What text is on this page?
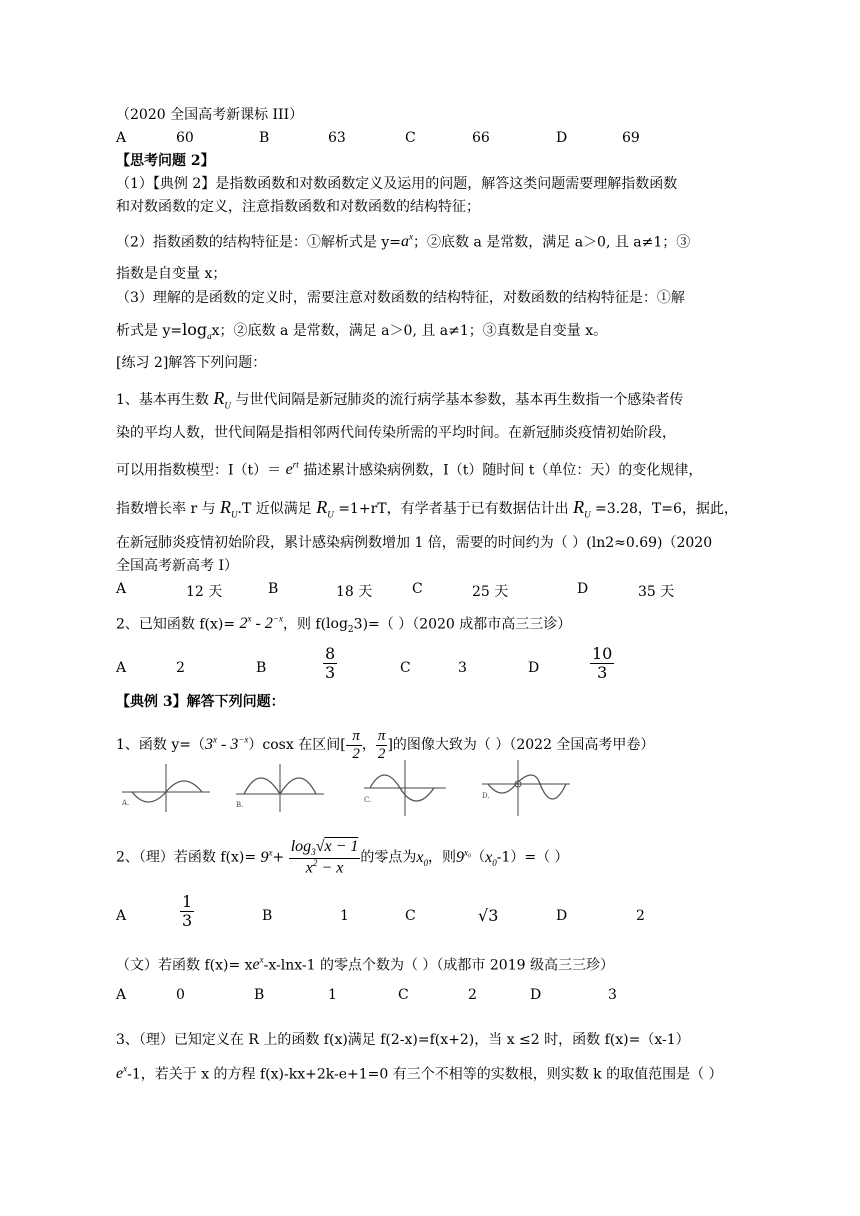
（2020 全国高考新课标 III）
A	60	B	63	C	66	D	69
【思考问题 2】
（1）【典例 2】是指数函数和对数函数定义及运用的问题，解答这类问题需要理解指数函数
和对数函数的定义，注意指数函数和对数函数的结构特征；
（2）指数函数的结构特征是：①解析式是 $y=a^x$；②底数 a 是常数，满足 a＞0, 且 a≠1；③
指数是自变量 x；
（3）理解的是函数的定义时，需要注意对数函数的结构特征，对数函数的结构特征是：①解
析式是 $y=\log_ax$；②底数 a 是常数，满足 a＞0, 且 a≠1；③真数是自变量 x。
[练习 2]解答下列问题：
1、基本再生数 $R_U$ 与世代间隔是新冠肺炎的流行病学基本参数，基本再生数指一个感染者传
染的平均人数，世代间隔是指相邻两代间传染所需的平均时间。在新冠肺炎疫情初始阶段，
可以用指数模型：$I(t)= e^{rt}$ 描述累计感染病例数，I（t）随时间 t（单位：天）的变化规律，
指数增长率 r 与 $R_U.T$ 近似满足 $R_U =1+rT$，有学者基于已有数据估计出 $R_U =3.28$，T=6，据此，
在新冠肺炎疫情初始阶段，累计感染病例数增加 1 倍，需要的时间约为（ ）(ln2≈0.69)（2020
全国高考新高考 I）
A	12 天	B	18 天	C	25 天	D	35 天
2、已知函数 $f(x)= 2^x - 2^{-x}$，则 $f(\log_23)=$（ ）（2020 成都市高三三诊）
A	2	B	$\frac{8}{3}$	C	3	D	$\frac{10}{3}$
【典例 3】解答下列问题：
1、函数 $y=(3^x - 3^{-x})\cos x$ 在区间[- $\frac{\pi}{2}$ ， $\frac{\pi}{2}$ ]的图像大致为（ ）（2022 全国高考甲卷）
A.	B.
C.	D.
2、（理）若函数 $f(x)= 9^x+ \frac{\log_3√x - 1}{x^2 - x}$ 的零点为$x_0$，则$9^{x_0}(x_0-1)=$（ ）
A	$\frac{1}{3}$	B	1	C	√3	D	2
（文）若函数 $f(x)= xe^x-x-\ln x-1$ 的零点个数为（ ）（成都市 2019 级高三三珍）
A	0	B	1	C	2	D	3
3、（理）已知定义在 R 上的函数 f(x)满足 f(2-x)=f(x+2)，当 x ≤2 时，函数 f(x)=（x-1）
$e^x-1$，若关于 x 的方程 f(x)-kx+2k-e+1=0 有三个不相等的实数根，则实数 k 的取值范围是（ ）
